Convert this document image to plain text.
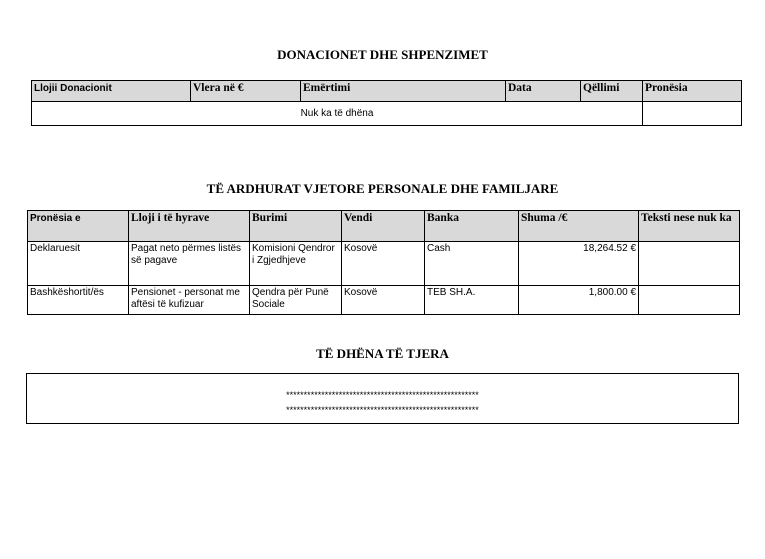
DONACIONET DHE SHPENZIMET
Llojii Donacionit	Vlera në €	Emërtimi	Data	Qëllimi	Pronësia
Nuk ka të dhëna					
TË ARDHURAT VJETORE PERSONALE DHE FAMILJARE
Pronësia e	Lloji i të hyrave	Burimi	Vendi	Banka	Shuma /€	Teksti nese nuk ka
Deklaruesit	Pagat neto përmes listës së pagave	Komisioni Qendror i Zgjedhjeve	Kosovë	Cash	18,264.52 €	
Bashkëshortit/ës	Pensionet - personat me aftësi të kufizuar	Qendra për Punë Sociale	Kosovë	TEB SH.A.	1,800.00 €	
TË DHËNA TË TJERA
*******************************************************
*******************************************************
